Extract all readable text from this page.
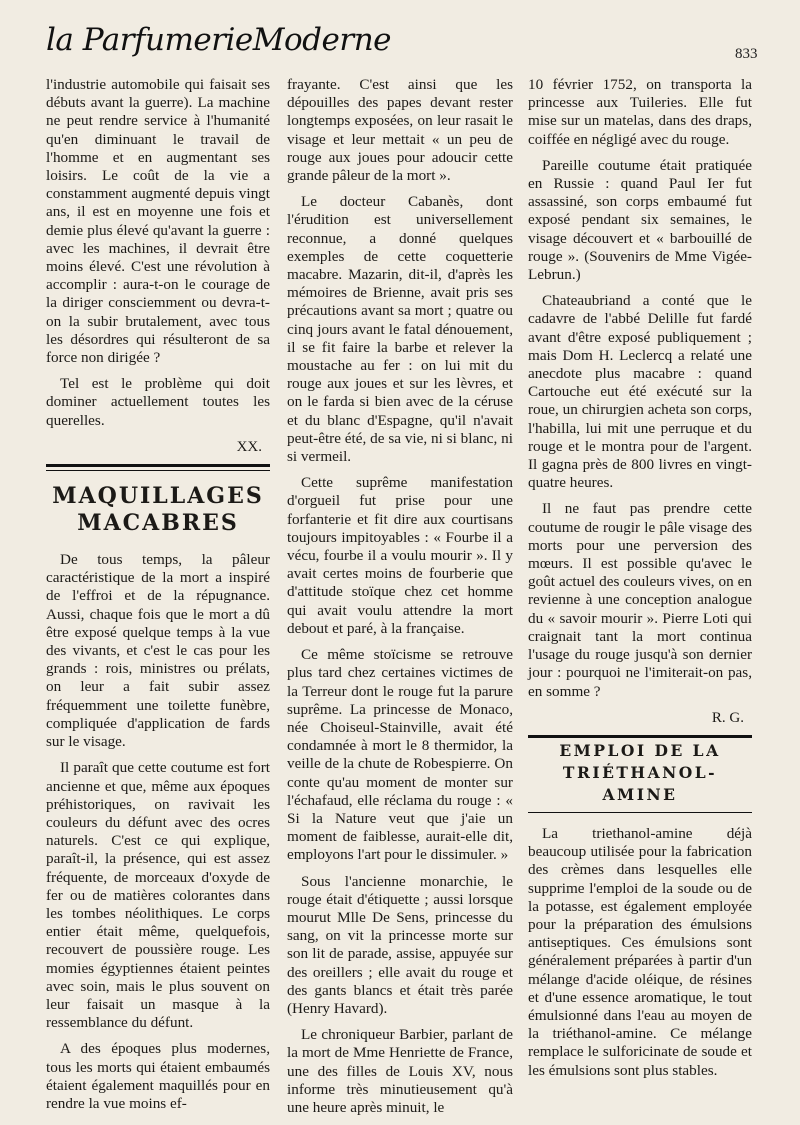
la ParfumerieModerne	833

l'industrie automobile qui faisait ses débuts avant la guerre). La machine ne peut rendre service à l'humanité qu'en diminuant le travail de l'homme et en augmentant ses loisirs. Le coût de la vie a constamment augmenté depuis vingt ans, il est en moyenne une fois et demie plus élevé qu'avant la guerre : avec les machines, il devrait être moins élevé. C'est une révolution à accomplir : aura-t-on le courage de la diriger consciemment ou devra-t-on la subir brutalement, avec tous les désordres qui résulteront de sa force non dirigée ?

Tel est le problème qui doit dominer actuellement toutes les querelles.

XX.
MAQUILLAGES
MACABRES

De tous temps, la pâleur caractéristique de la mort a inspiré de l'effroi et de la répugnance. Aussi, chaque fois que le mort a dû être exposé quelque temps à la vue des vivants, et c'est le cas pour les grands : rois, ministres ou prélats, on leur a fait subir assez fréquemment une toilette funèbre, compliquée d'application de fards sur le visage.

Il paraît que cette coutume est fort ancienne et que, même aux époques préhistoriques, on ravivait les couleurs du défunt avec des ocres naturels. C'est ce qui explique, paraît-il, la présence, qui est assez fréquente, de morceaux d'oxyde de fer ou de matières colorantes dans les tombes néolithiques. Le corps entier était même, quelquefois, recouvert de poussière rouge. Les momies égyptiennes étaient peintes avec soin, mais le plus souvent on leur faisait un masque à la ressemblance du défunt.

A des époques plus modernes, tous les morts qui étaient embaumés étaient également maquillés pour en rendre la vue moins ef-

frayante. C'est ainsi que les dépouilles des papes devant rester longtemps exposées, on leur rasait le visage et leur mettait « un peu de rouge aux joues pour adoucir cette grande pâleur de la mort ».

Le docteur Cabanès, dont l'érudition est universellement reconnue, a donné quelques exemples de cette coquetterie macabre. Mazarin, dit-il, d'après les mémoires de Brienne, avait pris ses précautions avant sa mort ; quatre ou cinq jours avant le fatal dénouement, il se fit faire la barbe et relever la moustache au fer : on lui mit du rouge aux joues et sur les lèvres, et on le farda si bien avec de la céruse et du blanc d'Espagne, qu'il n'avait peut-être été, de sa vie, ni si blanc, ni si vermeil.

Cette suprême manifestation d'orgueil fut prise pour une forfanterie et fit dire aux courtisans toujours impitoyables : « Fourbe il a vécu, fourbe il a voulu mourir ». Il y avait certes moins de fourberie que d'attitude stoïque chez cet homme qui avait voulu attendre la mort debout et paré, à la française.

Ce même stoïcisme se retrouve plus tard chez certaines victimes de la Terreur dont le rouge fut la parure suprême. La princesse de Monaco, née Choiseul-Stainville, avait été condamnée à mort le 8 thermidor, la veille de la chute de Robespierre. On conte qu'au moment de monter sur l'échafaud, elle réclama du rouge : « Si la Nature veut que j'aie un moment de faiblesse, aurait-elle dit, employons l'art pour le dissimuler. »

Sous l'ancienne monarchie, le rouge était d'étiquette ; aussi lorsque mourut Mlle De Sens, princesse du sang, on vit la princesse morte sur son lit de parade, assise, appuyée sur des oreillers ; elle avait du rouge et des gants blancs et était très parée (Henry Havard).

Le chroniqueur Barbier, parlant de la mort de Mme Henriette de France, une des filles de Louis XV, nous informe très minutieusement qu'à une heure après minuit, le

10 février 1752, on transporta la princesse aux Tuileries. Elle fut mise sur un matelas, dans des draps, coiffée en négligé avec du rouge.

Pareille coutume était pratiquée en Russie : quand Paul Ier fut assassiné, son corps embaumé fut exposé pendant six semaines, le visage découvert et « barbouillé de rouge ». (Souvenirs de Mme Vigée-Lebrun.)

Chateaubriand a conté que le cadavre de l'abbé Delille fut fardé avant d'être exposé publiquement ; mais Dom H. Leclercq a relaté une anecdote plus macabre : quand Cartouche eut été exécuté sur la roue, un chirurgien acheta son corps, l'habilla, lui mit une perruque et du rouge et le montra pour de l'argent. Il gagna près de 800 livres en vingt-quatre heures.

Il ne faut pas prendre cette coutume de rougir le pâle visage des morts pour une perversion des mœurs. Il est possible qu'avec le goût actuel des couleurs vives, on en revienne à une conception analogue du « savoir mourir ». Pierre Loti qui craignait tant la mort continua l'usage du rouge jusqu'à son dernier jour : pourquoi ne l'imiterait-on pas, en somme ?

R. G.
EMPLOI DE LA
TRIÉTHANOL-AMINE

La triethanol-amine déjà beaucoup utilisée pour la fabrication des crèmes dans lesquelles elle supprime l'emploi de la soude ou de la potasse, est également employée pour la préparation des émulsions antiseptiques. Ces émulsions sont généralement préparées à partir d'un mélange d'acide oléique, de résines et d'une essence aromatique, le tout émulsionné dans l'eau au moyen de la triéthanol-amine. Ce mélange remplace le sulforicinate de soude et les émulsions sont plus stables.
